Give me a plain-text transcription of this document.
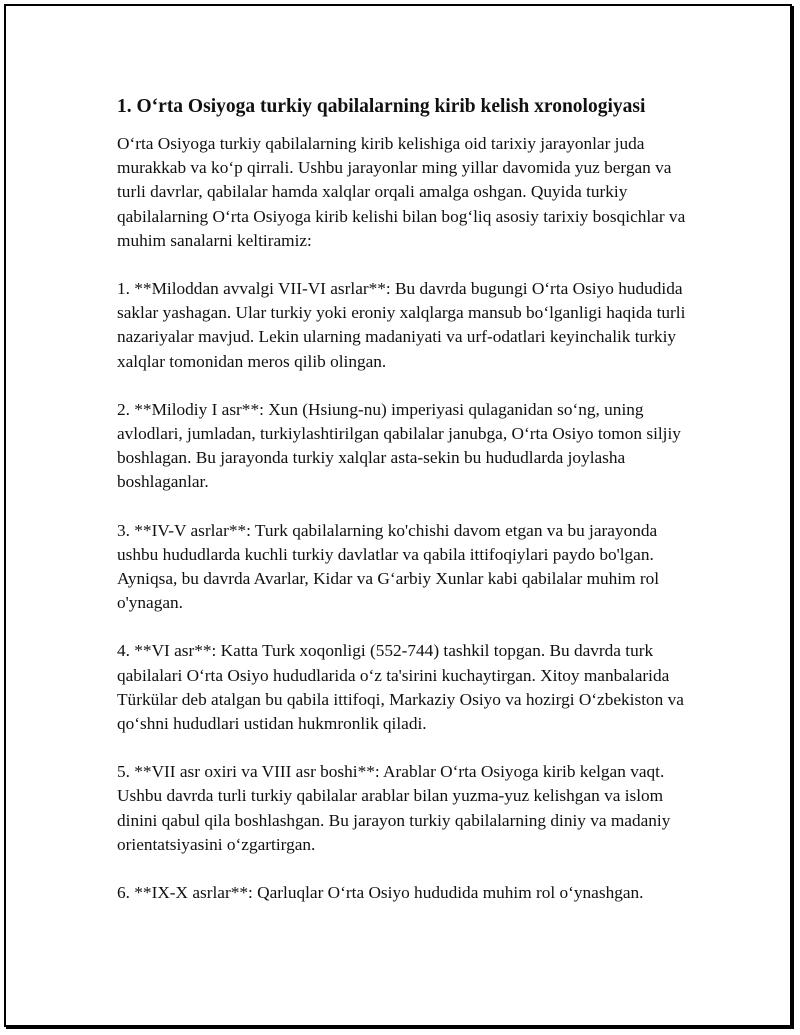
1. O‘rta Osiyoga turkiy qabilalarning kirib kelish xronologiyasi

O‘rta Osiyoga turkiy qabilalarning kirib kelishiga oid tarixiy jarayonlar juda murakkab va ko‘p qirrali. Ushbu jarayonlar ming yillar davomida yuz bergan va turli davrlar, qabilalar hamda xalqlar orqali amalga oshgan. Quyida turkiy qabilalarning O‘rta Osiyoga kirib kelishi bilan bog‘liq asosiy tarixiy bosqichlar va muhim sanalarni keltiramiz:

1. **Miloddan avvalgi VII-VI asrlar**: Bu davrda bugungi O‘rta Osiyo hududida saklar yashagan. Ular turkiy yoki eroniy xalqlarga mansub bo‘lganligi haqida turli nazariyalar mavjud. Lekin ularning madaniyati va urf-odatlari keyinchalik turkiy xalqlar tomonidan meros qilib olingan.

2. **Milodiy I asr**: Xun (Hsiung-nu) imperiyasi qulaganidan so‘ng, uning avlodlari, jumladan, turkiylashtirilgan qabilalar janubga, O‘rta Osiyo tomon siljiy boshlagan. Bu jarayonda turkiy xalqlar asta-sekin bu hududlarda joylasha boshlaganlar.

3. **IV-V asrlar**: Turk qabilalarning ko'chishi davom etgan va bu jarayonda ushbu hududlarda kuchli turkiy davlatlar va qabila ittifoqiylari paydo bo'lgan. Ayniqsa, bu davrda Avarlar, Kidar va G‘arbiy Xunlar kabi qabilalar muhim rol o'ynagan.

4. **VI asr**: Katta Turk xoqonligi (552-744) tashkil topgan. Bu davrda turk qabilalari O‘rta Osiyo hududlarida o‘z ta'sirini kuchaytirgan. Xitoy manbalarida Türkülar deb atalgan bu qabila ittifoqi, Markaziy Osiyo va hozirgi O‘zbekiston va qo‘shni hududlari ustidan hukmronlik qiladi.

5. **VII asr oxiri va VIII asr boshi**: Arablar O‘rta Osiyoga kirib kelgan vaqt. Ushbu davrda turli turkiy qabilalar arablar bilan yuzma-yuz kelishgan va islom dinini qabul qila boshlashgan. Bu jarayon turkiy qabilalarning diniy va madaniy orientatsiyasini o‘zgartirgan.

6. **IX-X asrlar**: Qarluqlar O‘rta Osiyo hududida muhim rol o‘ynashgan.
